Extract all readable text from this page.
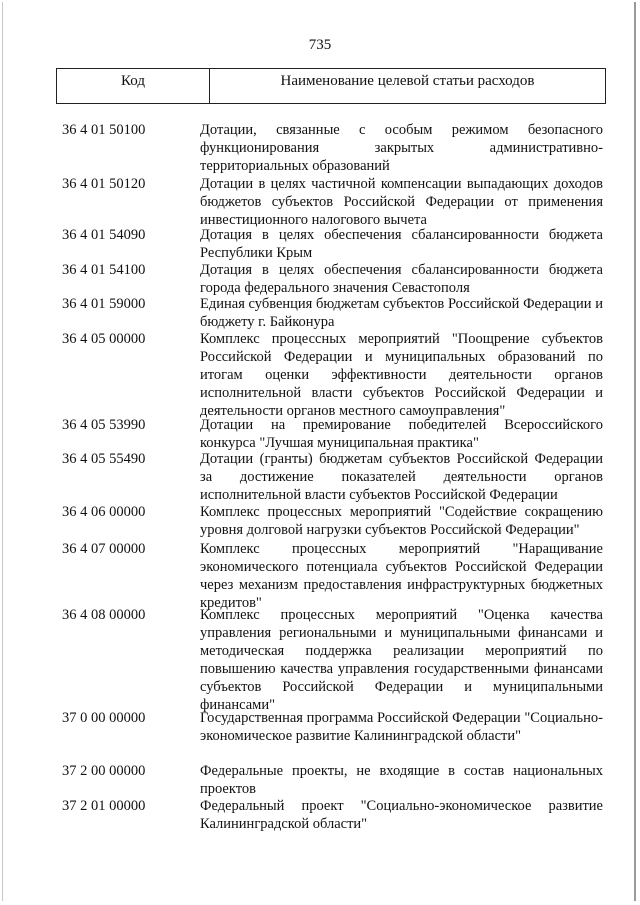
735
Код	Наименование целевой статьи расходов
36 4 01 50100	Дотации, связанные с особым режимом безопасного функционирования закрытых административно-территориальных образований
36 4 01 50120	Дотации в целях частичной компенсации выпадающих доходов бюджетов субъектов Российской Федерации от применения инвестиционного налогового вычета
36 4 01 54090	Дотация в целях обеспечения сбалансированности бюджета Республики Крым
36 4 01 54100	Дотация в целях обеспечения сбалансированности бюджета города федерального значения Севастополя
36 4 01 59000	Единая субвенция бюджетам субъектов Российской Федерации и бюджету г. Байконура
36 4 05 00000	Комплекс процессных мероприятий "Поощрение субъектов Российской Федерации и муниципальных образований по итогам оценки эффективности деятельности органов исполнительной власти субъектов Российской Федерации и деятельности органов местного самоуправления"
36 4 05 53990	Дотации на премирование победителей Всероссийского конкурса "Лучшая муниципальная практика"
36 4 05 55490	Дотации (гранты) бюджетам субъектов Российской Федерации за достижение показателей деятельности органов исполнительной власти субъектов Российской Федерации
36 4 06 00000	Комплекс процессных мероприятий "Содействие сокращению уровня долговой нагрузки субъектов Российской Федерации"
36 4 07 00000	Комплекс процессных мероприятий "Наращивание экономического потенциала субъектов Российской Федерации через механизм предоставления инфраструктурных бюджетных кредитов"
36 4 08 00000	Комплекс процессных мероприятий "Оценка качества управления региональными и муниципальными финансами и методическая поддержка реализации мероприятий по повышению качества управления государственными финансами субъектов Российской Федерации и муниципальными финансами"
37 0 00 00000	Государственная программа Российской Федерации "Социально-экономическое развитие Калининградской области"
37 2 00 00000	Федеральные проекты, не входящие в состав национальных проектов
37 2 01 00000	Федеральный проект "Социально-экономическое развитие Калининградской области"
